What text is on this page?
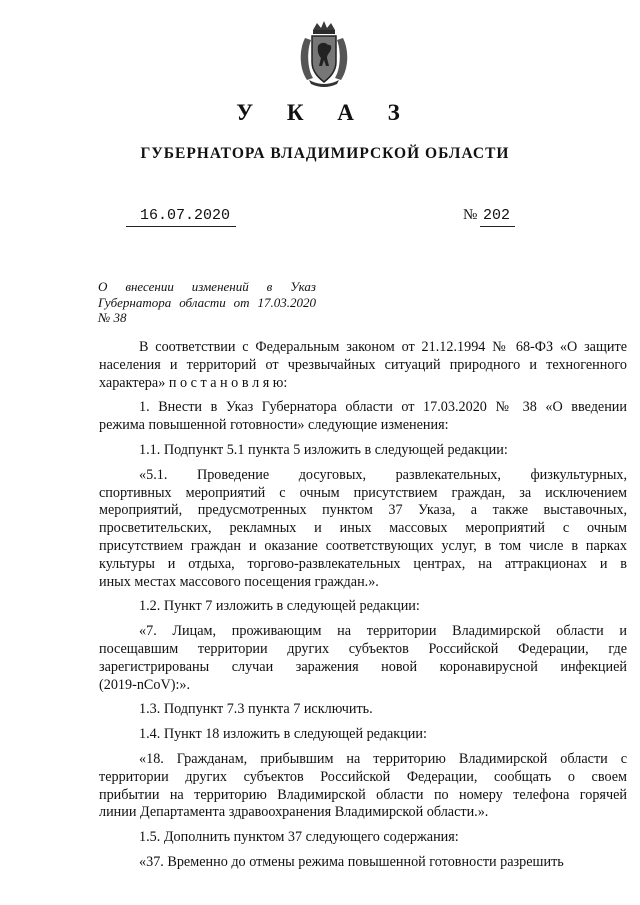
У К А З
ГУБЕРНАТОРА ВЛАДИМИРСКОЙ ОБЛАСТИ
16.07.2020	№ 202
О внесении изменений в Указ
Губернатора области от 17.03.2020
№ 38
В соответствии с Федеральным законом от 21.12.1994 № 68-ФЗ «О защите
населения и территорий от чрезвычайных ситуаций природного и техногенного
характера» п о с т а н о в л я ю:
1. Внести в Указ Губернатора области от 17.03.2020 № 38 «О введении
режима повышенной готовности» следующие изменения:
1.1. Подпункт 5.1 пункта 5 изложить в следующей редакции:
«5.1. Проведение досуговых, развлекательных, физкультурных,
спортивных мероприятий с очным присутствием граждан, за исключением
мероприятий, предусмотренных пунктом 37 Указа, а также выставочных,
просветительских, рекламных и иных массовых мероприятий с очным
присутствием граждан и оказание соответствующих услуг, в том числе в парках
культуры и отдыха, торгово-развлекательных центрах, на аттракционах и в
иных местах массового посещения граждан.».
1.2. Пункт 7 изложить в следующей редакции:
«7. Лицам, проживающим на территории Владимирской области и
посещавшим территории других субъектов Российской Федерации, где
зарегистрированы случаи заражения новой коронавирусной инфекцией
(2019-nCoV):».
1.3. Подпункт 7.3 пункта 7 исключить.
1.4. Пункт 18 изложить в следующей редакции:
«18. Гражданам, прибывшим на территорию Владимирской области с
территории других субъектов Российской Федерации, сообщать о своем
прибытии на территорию Владимирской области по номеру телефона горячей
линии Департамента здравоохранения Владимирской области.».
1.5. Дополнить пунктом 37 следующего содержания:
«37. Временно до отмены режима повышенной готовности разрешить
